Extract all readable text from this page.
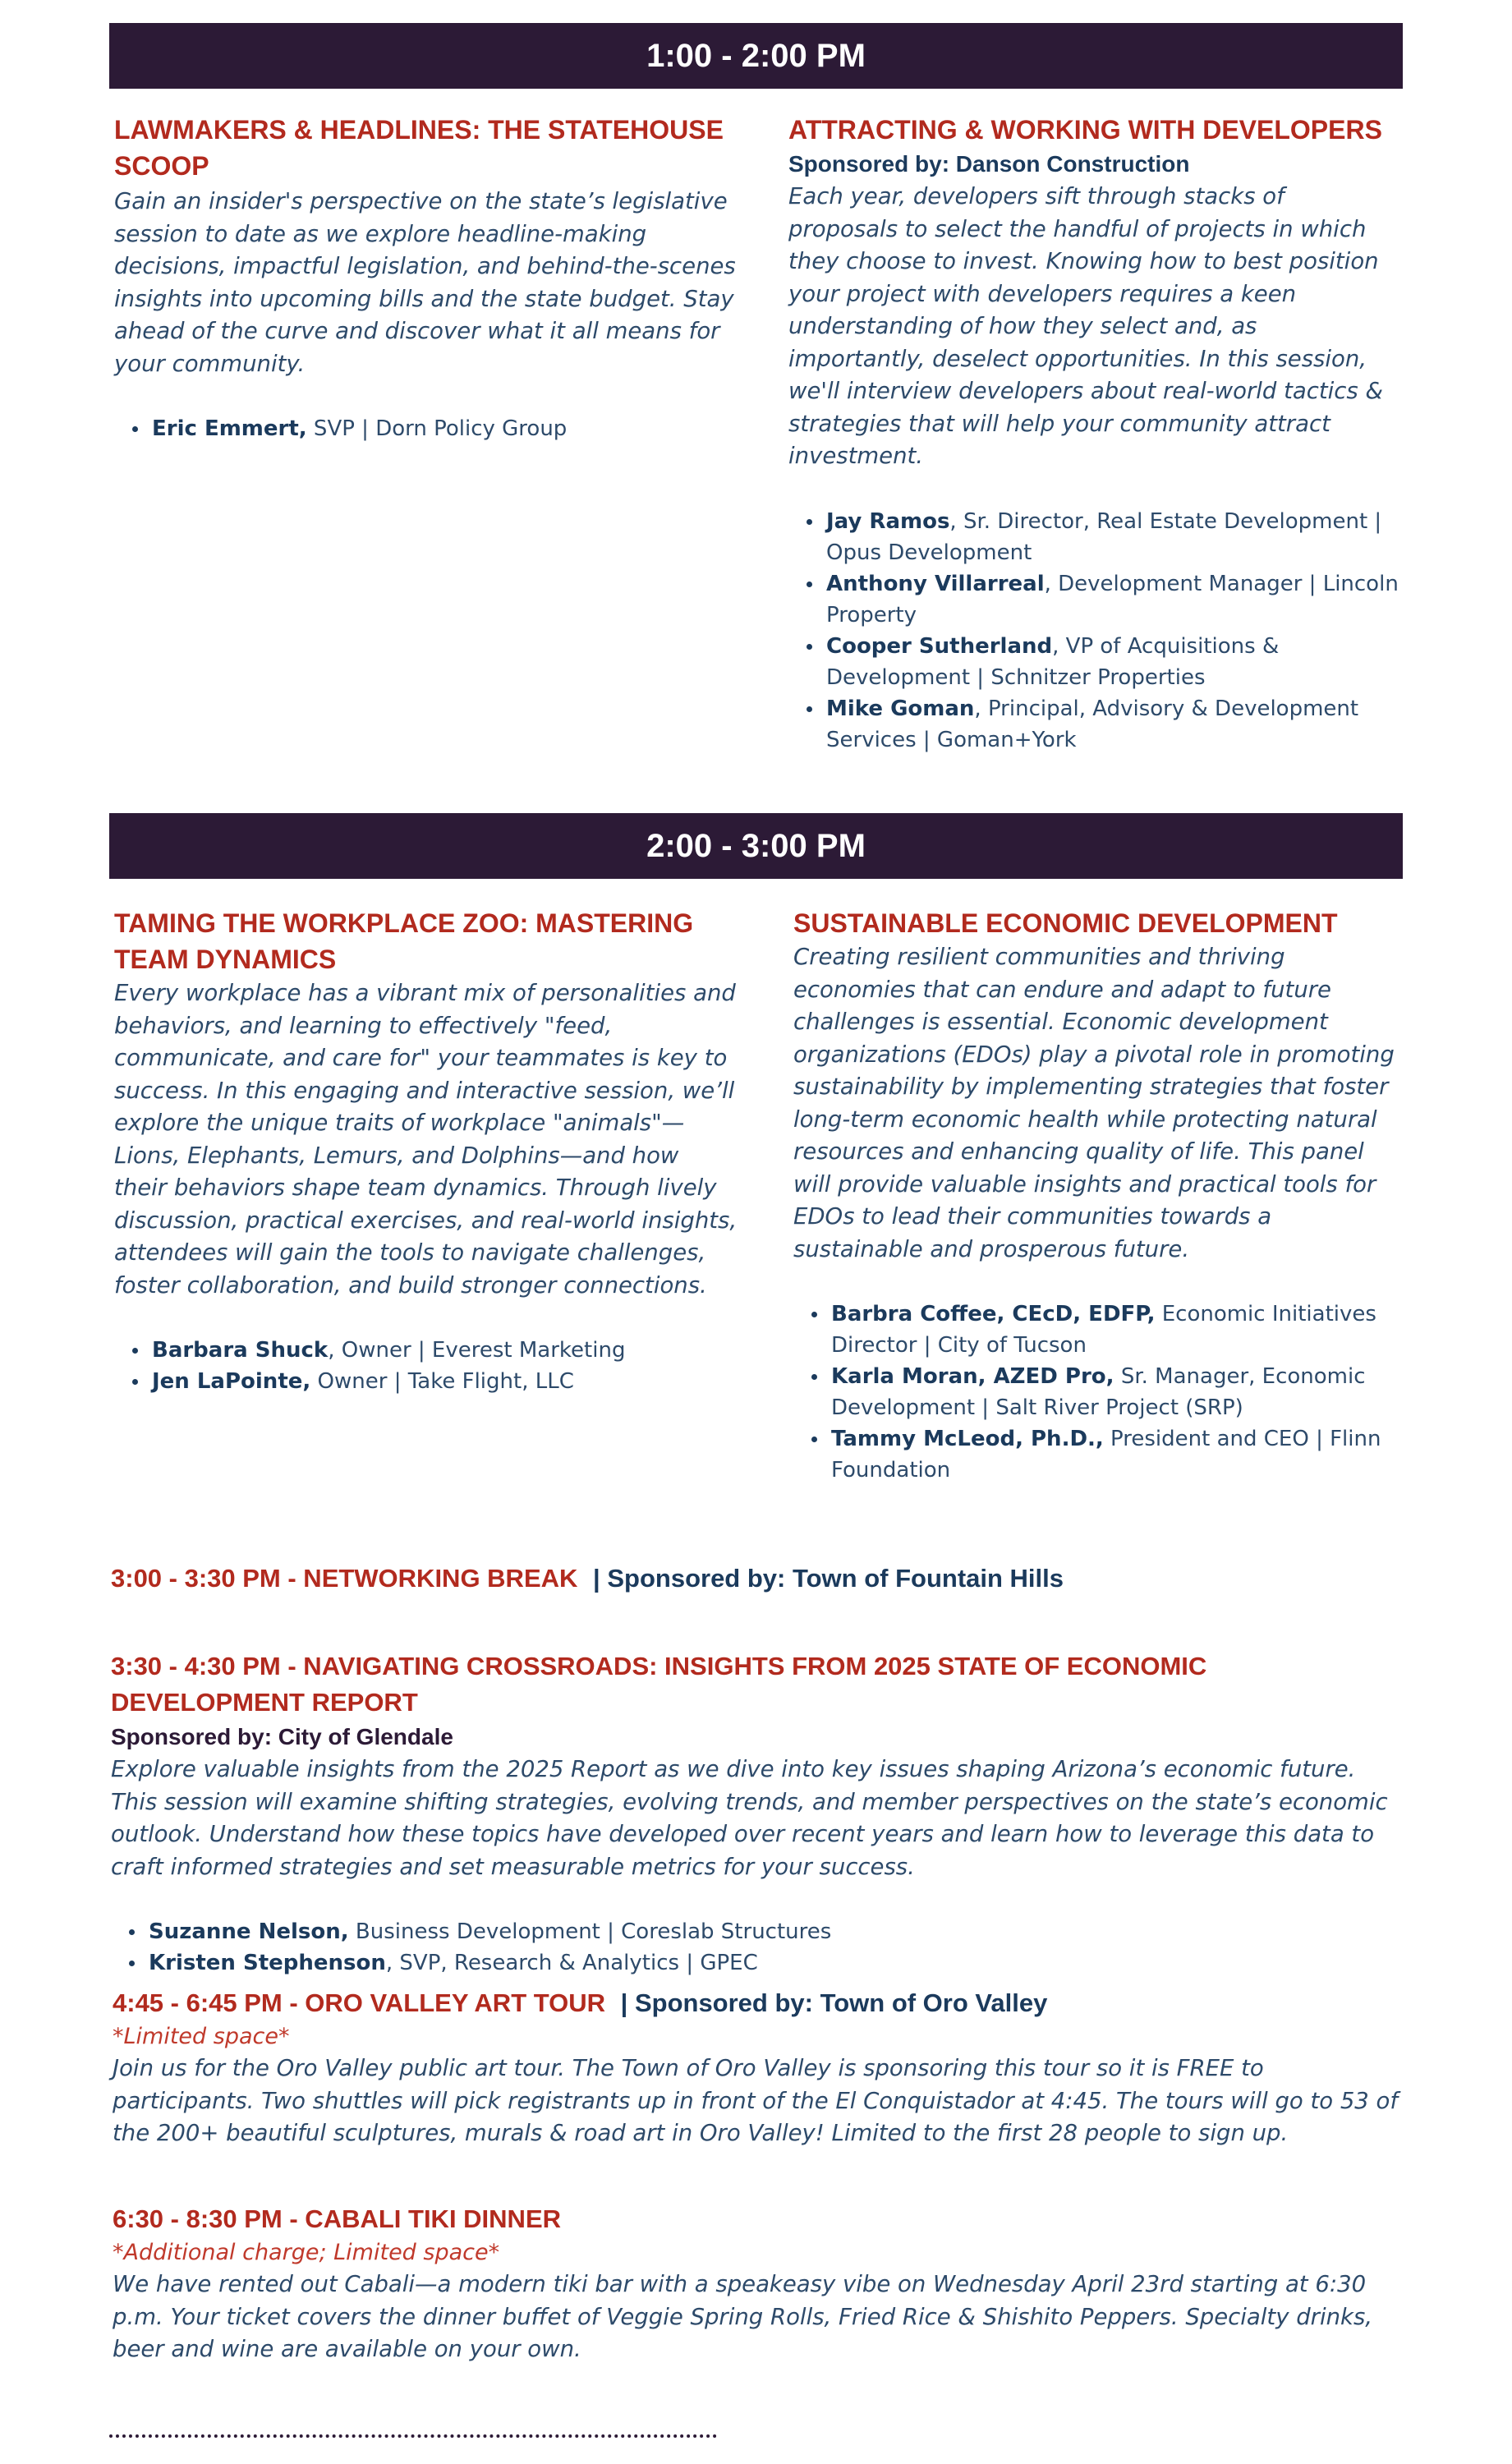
1:00 - 2:00 PM
LAWMAKERS & HEADLINES: THE STATEHOUSE SCOOP

Gain an insider's perspective on the state’s legislative session to date as we explore headline-making decisions, impactful legislation, and behind-the-scenes insights into upcoming bills and the state budget. Stay ahead of the curve and discover what it all means for your community.

Eric Emmert, SVP | Dorn Policy Group
ATTRACTING & WORKING WITH DEVELOPERS
Sponsored by: Danson Construction

Each year, developers sift through stacks of proposals to select the handful of projects in which they choose to invest. Knowing how to best position your project with developers requires a keen understanding of how they select and, as importantly, deselect opportunities. In this session, we'll interview developers about real-world tactics & strategies that will help your community attract investment.

Jay Ramos, Sr. Director, Real Estate Development | Opus Development
Anthony Villarreal, Development Manager | Lincoln Property
Cooper Sutherland, VP of Acquisitions & Development | Schnitzer Properties
Mike Goman, Principal, Advisory & Development Services | Goman+York
2:00 - 3:00 PM
TAMING THE WORKPLACE ZOO: MASTERING TEAM DYNAMICS

Every workplace has a vibrant mix of personalities and behaviors, and learning to effectively "feed, communicate, and care for" your teammates is key to success. In this engaging and interactive session, we’ll explore the unique traits of workplace "animals"—Lions, Elephants, Lemurs, and Dolphins—and how their behaviors shape team dynamics. Through lively discussion, practical exercises, and real-world insights, attendees will gain the tools to navigate challenges, foster collaboration, and build stronger connections.

Barbara Shuck, Owner | Everest Marketing
Jen LaPointe, Owner | Take Flight, LLC
SUSTAINABLE ECONOMIC DEVELOPMENT

Creating resilient communities and thriving economies that can endure and adapt to future challenges is essential. Economic development organizations (EDOs) play a pivotal role in promoting sustainability by implementing strategies that foster long-term economic health while protecting natural resources and enhancing quality of life. This panel will provide valuable insights and practical tools for EDOs to lead their communities towards a sustainable and prosperous future.

Barbra Coffee, CEcD, EDFP, Economic Initiatives Director | City of Tucson
Karla Moran, AZED Pro, Sr. Manager, Economic Development | Salt River Project (SRP)
Tammy McLeod, Ph.D., President and CEO | Flinn Foundation
3:00 - 3:30 PM - NETWORKING BREAK | Sponsored by: Town of Fountain Hills
3:30 - 4:30 PM - NAVIGATING CROSSROADS: INSIGHTS FROM 2025 STATE OF ECONOMIC DEVELOPMENT REPORT
Sponsored by: City of Glendale

Explore valuable insights from the 2025 Report as we dive into key issues shaping Arizona’s economic future. This session will examine shifting strategies, evolving trends, and member perspectives on the state’s economic outlook. Understand how these topics have developed over recent years and learn how to leverage this data to craft informed strategies and set measurable metrics for your success.

Suzanne Nelson, Business Development | Coreslab Structures
Kristen Stephenson, SVP, Research & Analytics | GPEC
4:45 - 6:45 PM - ORO VALLEY ART TOUR | Sponsored by: Town of Oro Valley
*Limited space*

Join us for the Oro Valley public art tour. The Town of Oro Valley is sponsoring this tour so it is FREE to participants. Two shuttles will pick registrants up in front of the El Conquistador at 4:45. The tours will go to 53 of the 200+ beautiful sculptures, murals & road art in Oro Valley! Limited to the first 28 people to sign up.

6:30 - 8:30 PM - CABALI TIKI DINNER
*Additional charge; Limited space*

We have rented out Cabali—a modern tiki bar with a speakeasy vibe on Wednesday April 23rd starting at 6:30 p.m. Your ticket covers the dinner buffet of Veggie Spring Rolls, Fried Rice & Shishito Peppers. Specialty drinks, beer and wine are available on your own.
